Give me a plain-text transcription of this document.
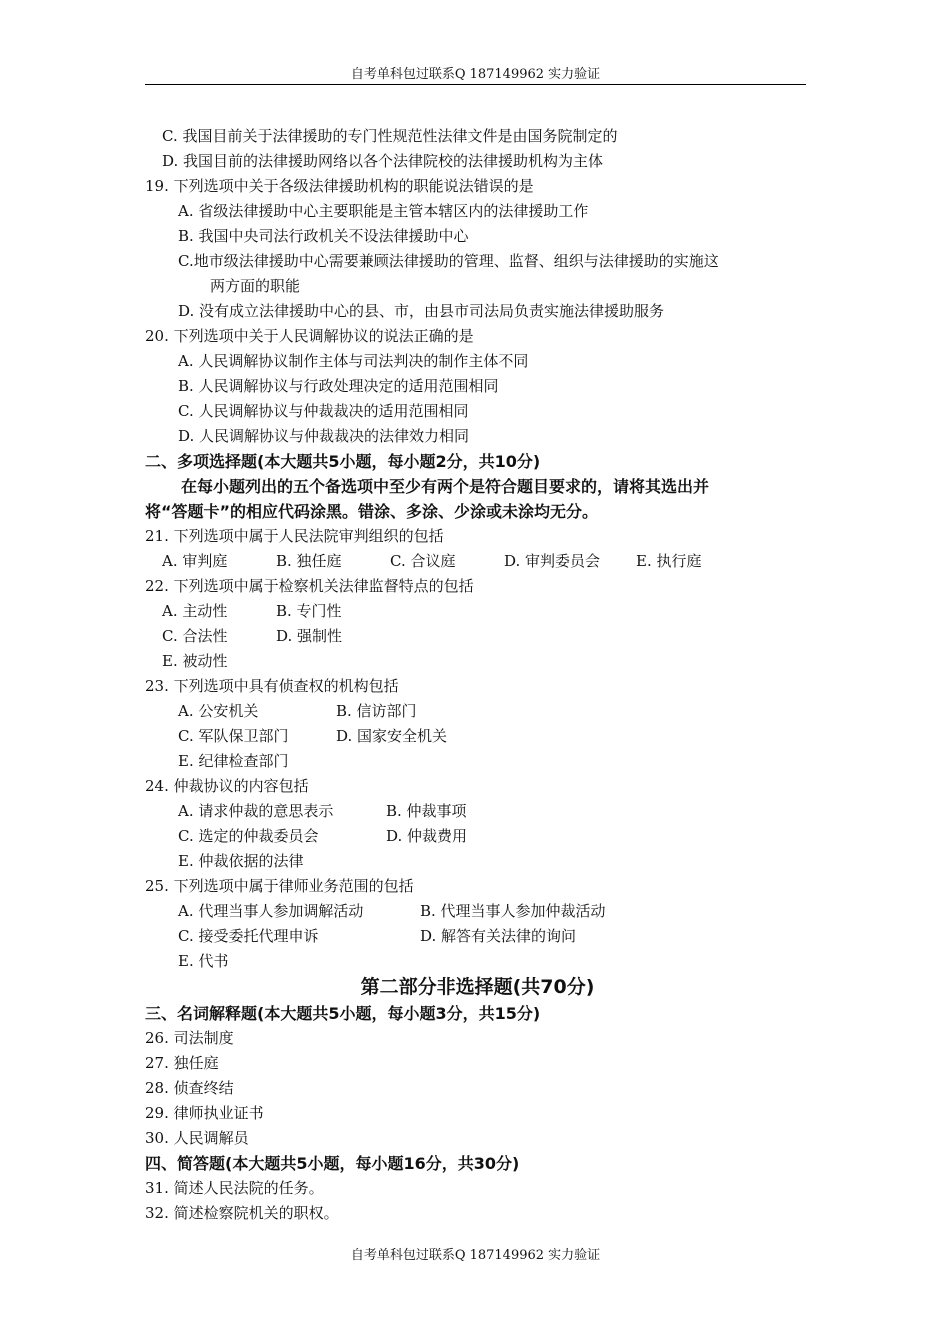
自考单科包过联系Q 187149962 实力验证
C. 我国目前关于法律援助的专门性规范性法律文件是由国务院制定的
D. 我国目前的法律援助网络以各个法律院校的法律援助机构为主体
19. 下列选项中关于各级法律援助机构的职能说法错误的是
A. 省级法律援助中心主要职能是主管本辖区内的法律援助工作
B. 我国中央司法行政机关不设法律援助中心
C.地市级法律援助中心需要兼顾法律援助的管理、监督、组织与法律援助的实施这
两方面的职能
D. 没有成立法律援助中心的县、市，由县市司法局负责实施法律援助服务
20. 下列选项中关于人民调解协议的说法正确的是
A. 人民调解协议制作主体与司法判决的制作主体不同
B. 人民调解协议与行政处理决定的适用范围相同
C. 人民调解协议与仲裁裁决的适用范围相同
D. 人民调解协议与仲裁裁决的法律效力相同
二、多项选择题(本大题共5小题，每小题2分，共10分)
在每小题列出的五个备选项中至少有两个是符合题目要求的，请将其选出并
将“答题卡”的相应代码涂黑。错涂、多涂、少涂或未涂均无分。
21. 下列选项中属于人民法院审判组织的包括
A. 审判庭	B. 独任庭	C. 合议庭	D. 审判委员会 E. 执行庭
22. 下列选项中属于检察机关法律监督特点的包括
A. 主动性	B. 专门性
C. 合法性	D. 强制性
E. 被动性
23. 下列选项中具有侦查权的机构包括
A. 公安机关	B. 信访部门
C. 军队保卫部门	D. 国家安全机关
E. 纪律检查部门
24. 仲裁协议的内容包括
A. 请求仲裁的意思表示	B. 仲裁事项
C. 选定的仲裁委员会	D. 仲裁费用
E. 仲裁依据的法律
25. 下列选项中属于律师业务范围的包括
A. 代理当事人参加调解活动	B. 代理当事人参加仲裁活动
C. 接受委托代理申诉	D. 解答有关法律的询问
E. 代书
第二部分非选择题(共70分)
三、名词解释题(本大题共5小题，每小题3分，共15分)
26. 司法制度
27. 独任庭
28. 侦查终结
29. 律师执业证书
30. 人民调解员
四、简答题(本大题共5小题，每小题16分，共30分)
31. 简述人民法院的任务。
32. 简述检察院机关的职权。
自考单科包过联系Q 187149962 实力验证
